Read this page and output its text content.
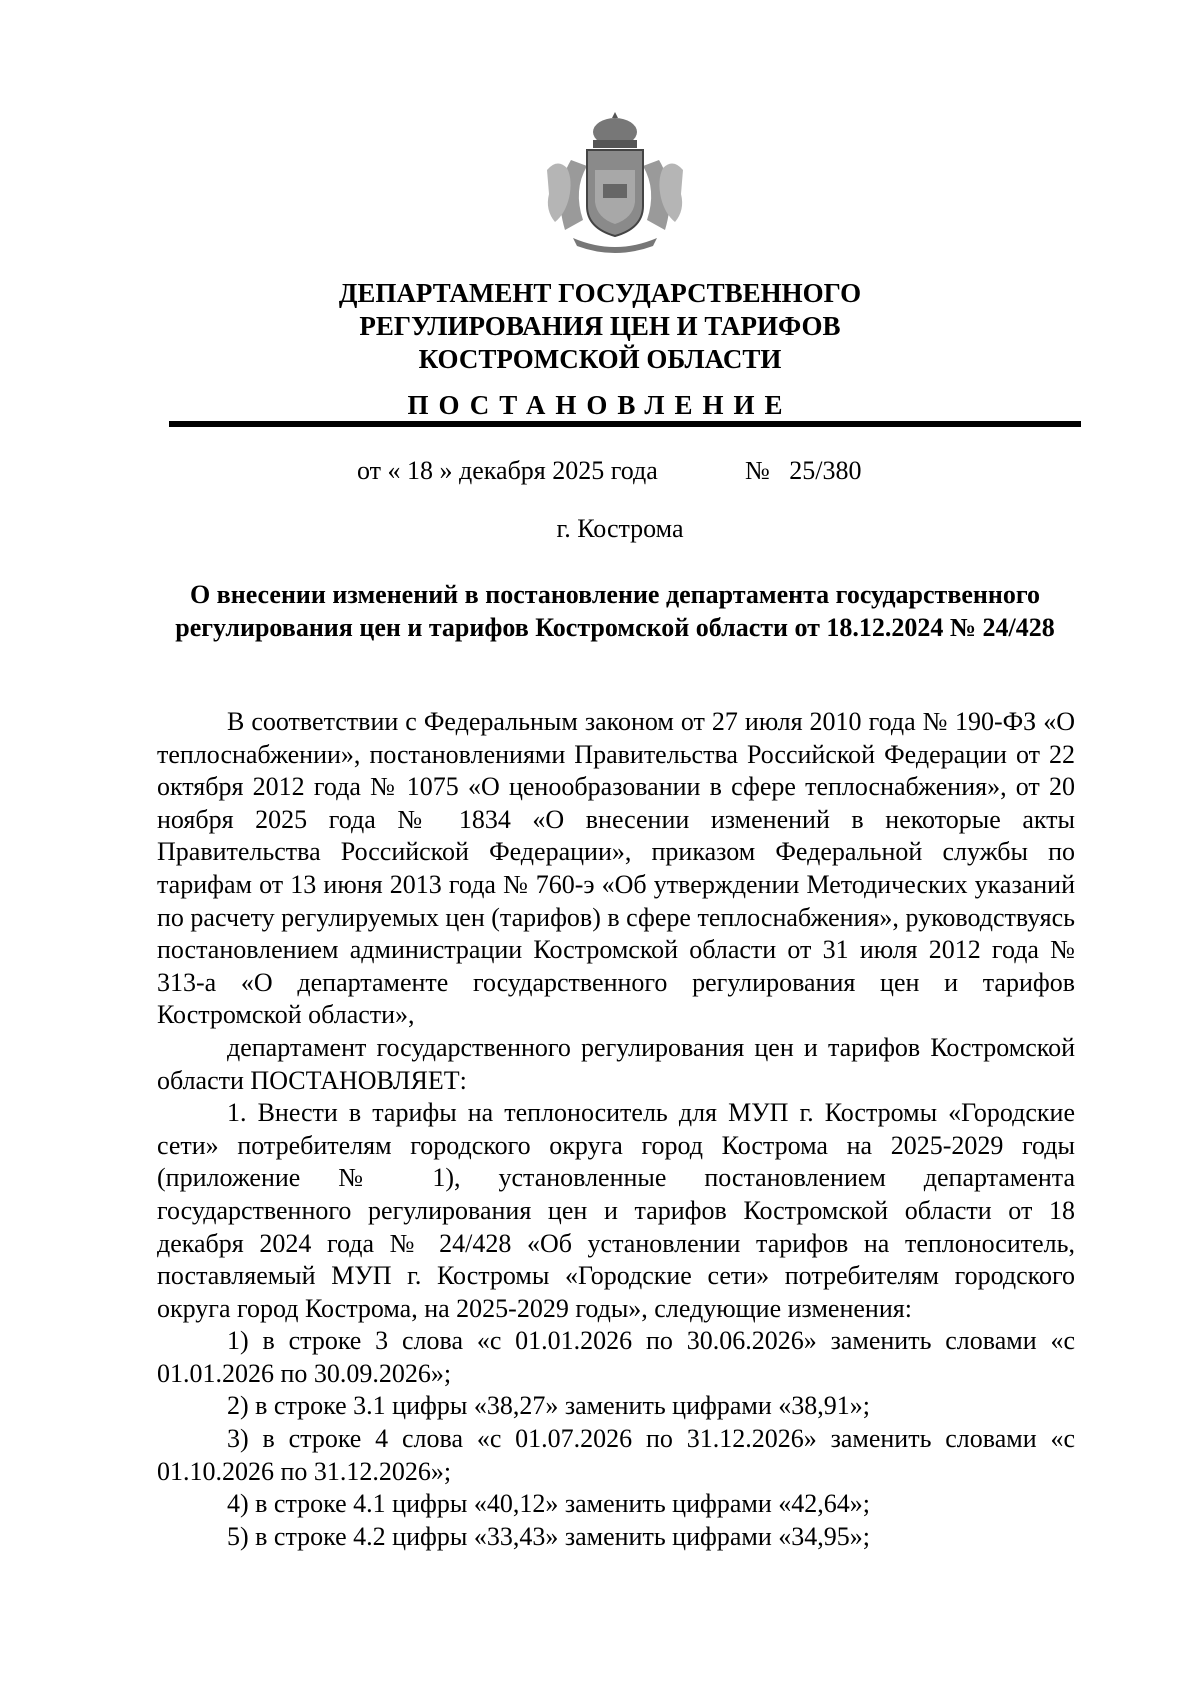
ДЕПАРТАМЕНТ ГОСУДАРСТВЕННОГО
РЕГУЛИРОВАНИЯ ЦЕН И ТАРИФОВ
КОСТРОМСКОЙ ОБЛАСТИ
ПОСТАНОВЛЕНИЕ
от « 18 » декабря 2025 года	№   25/380
г. Кострома
О внесении изменений в постановление департамента государственного регулирования цен и тарифов Костромской области от 18.12.2024 № 24/428

В соответствии с Федеральным законом от 27 июля 2010 года № 190-ФЗ «О теплоснабжении», постановлениями Правительства Российской Федерации от 22 октября 2012 года № 1075 «О ценообразовании в сфере теплоснабжения», от 20 ноября 2025 года № 1834 «О внесении изменений в некоторые акты Правительства Российской Федерации», приказом Федеральной службы по тарифам от 13 июня 2013 года № 760-э «Об утверждении Методических указаний по расчету регулируемых цен (тарифов) в сфере теплоснабжения», руководствуясь постановлением администрации Костромской области от 31 июля 2012 года № 313-а «О департаменте государственного регулирования цен и тарифов Костромской области»,

департамент государственного регулирования цен и тарифов Костромской области ПОСТАНОВЛЯЕТ:

1. Внести в тарифы на теплоноситель для МУП г. Костромы «Городские сети» потребителям городского округа город Кострома на 2025-2029 годы (приложение № 1), установленные постановлением департамента государственного регулирования цен и тарифов Костромской области от 18 декабря 2024 года № 24/428 «Об установлении тарифов на теплоноситель, поставляемый МУП г. Костромы «Городские сети» потребителям городского округа город Кострома, на 2025-2029 годы», следующие изменения:

1) в строке 3 слова «с 01.01.2026 по 30.06.2026» заменить словами «с 01.01.2026 по 30.09.2026»;

2) в строке 3.1 цифры «38,27» заменить цифрами «38,91»;

3) в строке 4 слова «с 01.07.2026 по 31.12.2026» заменить словами «с 01.10.2026 по 31.12.2026»;

4) в строке 4.1 цифры «40,12» заменить цифрами «42,64»;

5) в строке 4.2 цифры «33,43» заменить цифрами «34,95»;
